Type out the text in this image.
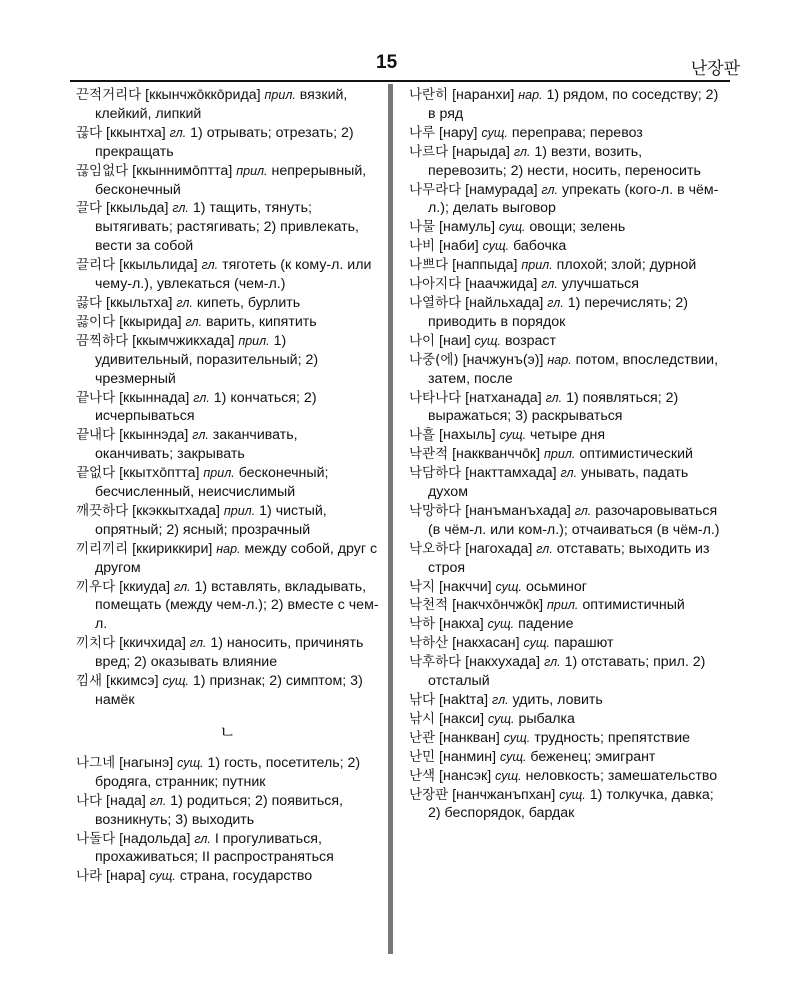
15	난장판

끈적거리다 [ккынчжōккōрида] прил. вязкий, клейкий, липкий

끊다 [ккынтха] гл. 1) отрывать; отрезать; 2) прекращать

끊임없다 [ккыннимōптта] прил. непрерывный, бесконечный

끌다 [ккыльда] гл. 1) тащить, тянуть; вытягивать; растягивать; 2) привлекать, вести за собой

끌리다 [ккыльлида] гл. тяготеть (к кому-л. или чему-л.), увлекаться (чем-л.)

끓다 [ккыльтха] гл. кипеть, бурлить

끓이다 [ккырида] гл. варить, кипятить

끔찍하다 [ккымчжикхада] прил. 1) удивительный, поразительный; 2) чрезмерный

끝나다 [ккыннада] гл. 1) кончаться; 2) исчерпываться

끝내다 [ккыннэда] гл. заканчивать, оканчивать; закрывать

끝없다 [ккытхōптта] прил. бесконечный; бесчисленный, неисчислимый

깨끗하다 [ккэккытхада] прил. 1) чистый, опрятный; 2) ясный; прозрачный

끼리끼리 [ккириккири] нар. между собой, друг с другом

끼우다 [ккиуда] гл. 1) вставлять, вкладывать, помещать (между чем-л.); 2) вместе с чем-л.

끼치다 [ккичхида] гл. 1) наносить, причинять вред; 2) оказывать влияние

낌새 [ккимсэ] сущ. 1) признак; 2) симптом; 3) намёк

ㄴ

나그네 [нагынэ] сущ. 1) гость, посетитель; 2) бродяга, странник; путник

나다 [нада] гл. 1) родиться; 2) появиться, возникнуть; 3) выходить

나돌다 [надольда] гл. I прогуливаться, прохаживаться; II распространяться

나라 [нара] сущ. страна, государство

나란히 [наранхи] нар. 1) рядом, по соседству; 2) в ряд

나루 [нару] сущ. переправа; перевоз

나르다 [нарыда] гл. 1) везти, возить, перевозить; 2) нести, носить, переносить

나무라다 [намурада] гл. упрекать (кого-л. в чём-л.); делать выговор

나물 [намуль] сущ. овощи; зелень

나비 [наби] сущ. бабочка

나쁘다 [наппыда] прил. плохой; злой; дурной

나아지다 [наачжида] гл. улучшаться

나열하다 [найльхада] гл. 1) перечислять; 2) приводить в порядок

나이 [наи] сущ. возраст

나중(에) [начжунъ(э)] нар. потом, впоследствии, затем, после

나타나다 [натханада] гл. 1) появляться; 2) выражаться; 3) раскрываться

나흘 [нахыль] сущ. четыре дня

낙관적 [наккванччōк] прил. оптимистический

낙담하다 [накттамхада] гл. унывать, падать духом

낙망하다 [нанъманъхада] гл. разочаровываться (в чём-л. или ком-л.); отчаиваться (в чём-л.)

낙오하다 [нагохада] гл. отставать; выходить из строя

낙지 [накччи] сущ. осьминог

낙천적 [накчхōнчжōк] прил. оптимистичный

낙하 [накха] сущ. падение

낙하산 [накхасан] сущ. парашют

낙후하다 [накхухада] гл. 1) отставать; прил. 2) отсталый

낚다 [наktтa] гл. удить, ловить

낚시 [накси] сущ. рыбалка

난관 [нанкван] сущ. трудность; препятствие

난민 [нанмин] сущ. беженец; эмигрант

난색 [нансэк] сущ. неловкость; замешательство

난장판 [нанчжанъпхан] сущ. 1) толкучка, давка; 2) беспорядок, бардак
